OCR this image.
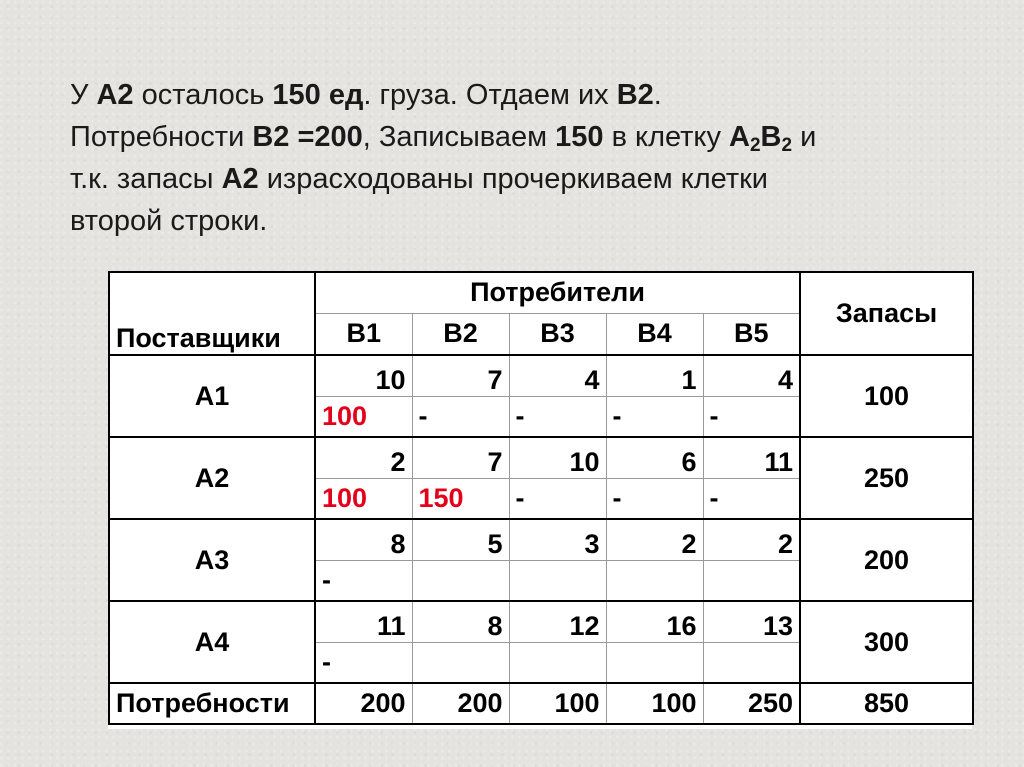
У А2 осталось 150 ед. груза. Отдаем их В2.
Потребности В2 =200, Записываем 150 в клетку $А_2В_2$ и
т.к. запасы А2 израсходованы прочеркиваем клетки
второй строки.
Поставщики	Потребители					Запасы
	В1	В2	В3	В4	В5	
А1	10	7	4	1	4	100
	100	-	-	-	-	
А2	2	7	10	6	11	250
	100	150	-	-	-	
А3	8	5	3	2	2	200
	-					
А4	11	8	12	16	13	300
	-					
Потребности	200	200	100	100	250	850
